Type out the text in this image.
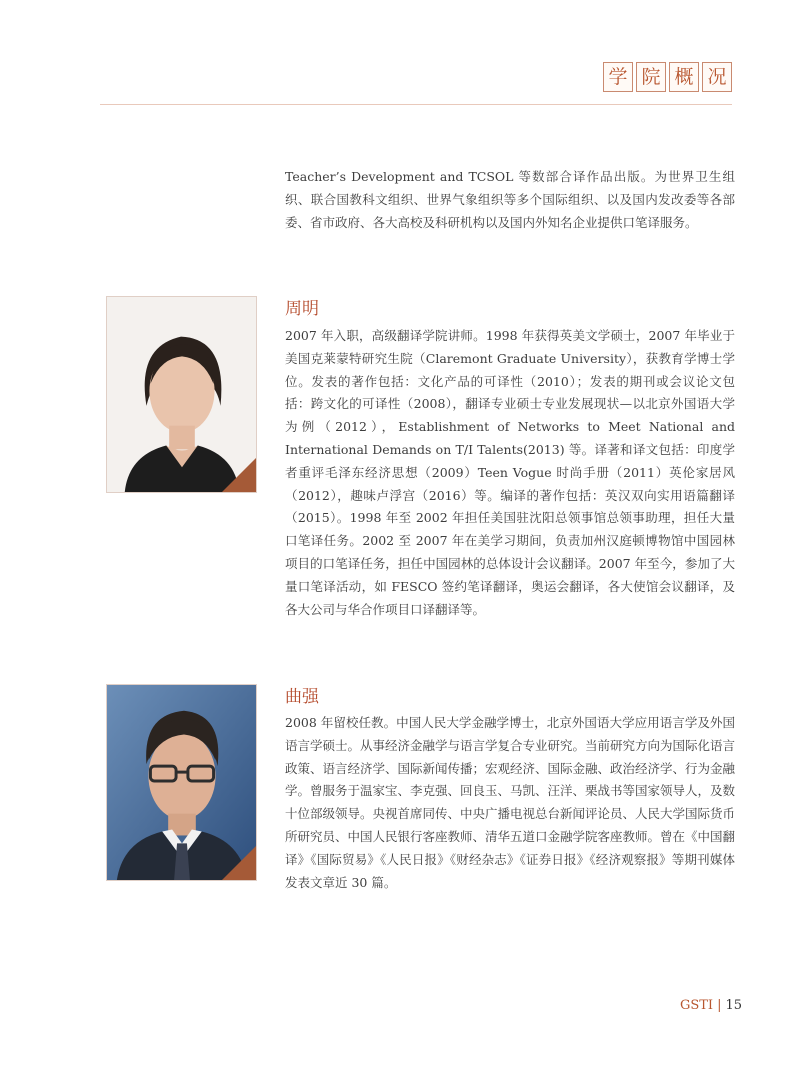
学 院 概 况

Teacher’s Development and TCSOL 等数部合译作品出版。为世界卫生组织、联合国教科文组织、世界气象组织等多个国际组织、以及国内发改委等各部委、省市政府、各大高校及科研机构以及国内外知名企业提供口笔译服务。

周明

2007 年入职，高级翻译学院讲师。1998 年获得英美文学硕士，2007 年毕业于美国克莱蒙特研究生院（Claremont Graduate University），获教育学博士学位。发表的著作包括：文化产品的可译性（2010）；发表的期刊或会议论文包括：跨文化的可译性（2008），翻译专业硕士专业发展现状—以北京外国语大学为例（2012），Establishment of Networks to Meet National and International Demands on T/I Talents(2013) 等。译著和译文包括：印度学者重评毛泽东经济思想（2009）Teen Vogue 时尚手册（2011）英伦家居风（2012），趣味卢浮宫（2016）等。编译的著作包括：英汉双向实用语篇翻译（2015）。1998 年至 2002 年担任美国驻沈阳总领事馆总领事助理，担任大量口笔译任务。2002 至 2007 年在美学习期间，负责加州汉庭顿博物馆中国园林项目的口笔译任务，担任中国园林的总体设计会议翻译。2007 年至今，参加了大量口笔译活动，如 FESCO 签约笔译翻译，奥运会翻译，各大使馆会议翻译，及各大公司与华合作项目口译翻译等。

曲强

2008 年留校任教。中国人民大学金融学博士，北京外国语大学应用语言学及外国语言学硕士。从事经济金融学与语言学复合专业研究。当前研究方向为国际化语言政策、语言经济学、国际新闻传播；宏观经济、国际金融、政治经济学、行为金融学。曾服务于温家宝、李克强、回良玉、马凯、汪洋、栗战书等国家领导人，及数十位部级领导。央视首席同传、中央广播电视总台新闻评论员、人民大学国际货币所研究员、中国人民银行客座教师、清华五道口金融学院客座教师。曾在《中国翻译》《国际贸易》《人民日报》《财经杂志》《证券日报》《经济观察报》等期刊媒体发表文章近 30 篇。

GSTI | 15
